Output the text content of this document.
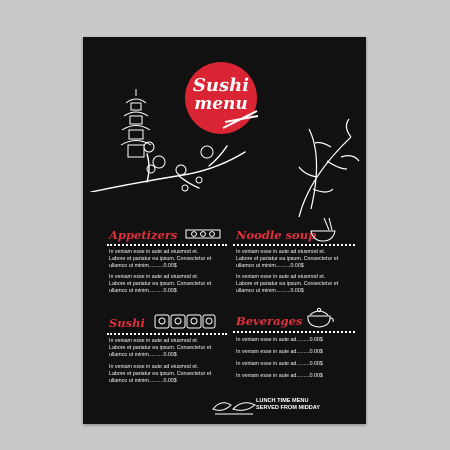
Sushi
menu
Appetizers
In veniam esse in aute ad eiusmod et.
Labore et pariatur ea ipsum. Consectetur et
ullamco ut minim..........0.00$
In veniam esse in aute ad eiusmod et.
Labore et pariatur ea ipsum. Consectetur et
ullamco ut minim..........0.00$
Noodle soup
In veniam esse in aute ad eiusmod et.
Labore et pariatur ea ipsum. Consectetur et
ullamco ut minim..........0.00$
In veniam esse in aute ad eiusmod et.
Labore et pariatur ea ipsum. Consectetur et
ullamco ut minim..........0.00$
Sushi
In veniam esse in aute ad eiusmod et.
Labore et pariatur ea ipsum. Consectetur et
ullamco ut minim..........0.00$
In veniam esse in aute ad eiusmod et.
Labore et pariatur ea ipsum. Consectetur et
ullamco ut minim..........0.00$
Beverages
In veniam esse in aute ad.........0.00$
In veniam esse in aute ad.........0.00$
In veniam esse in aute ad.........0.00$
In veniam esse in aute ad.........0.00$
LUNCH TIME MENU
SERVED FROM MIDDAY
